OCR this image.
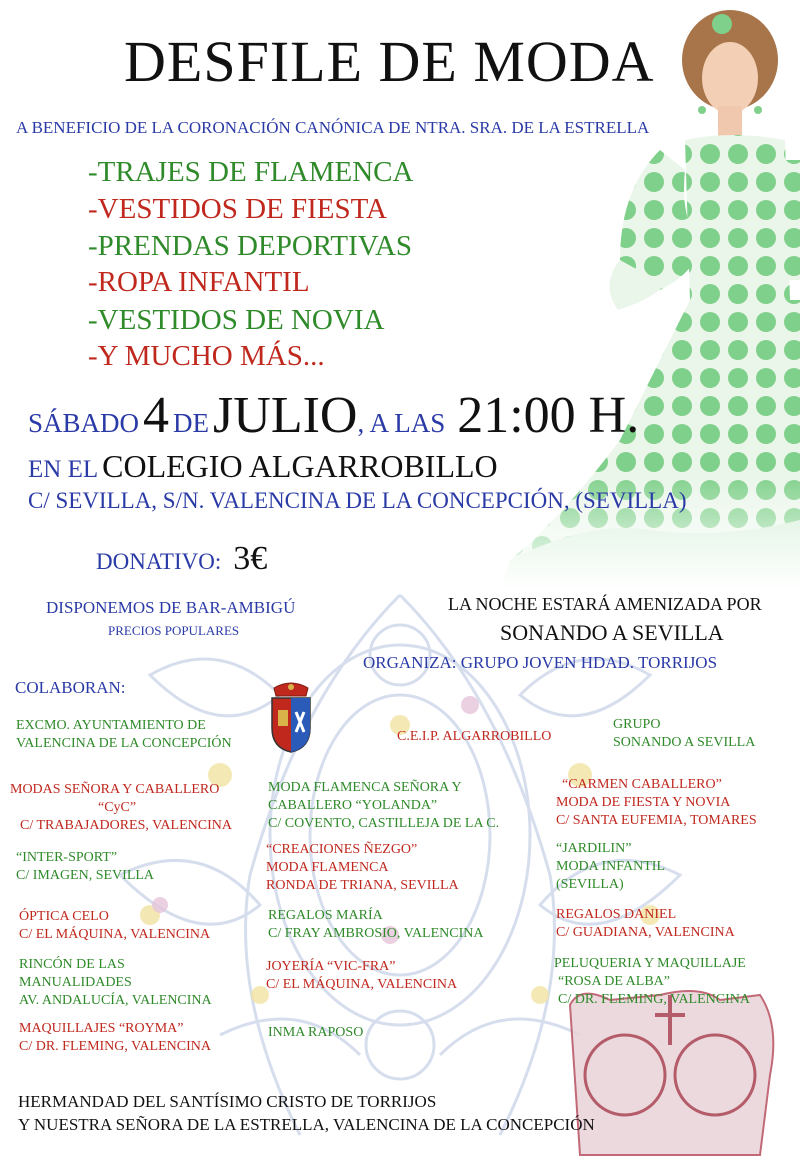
DESFILE DE MODA
A BENEFICIO DE LA CORONACIÓN CANÓNICA DE NTRA. SRA. DE LA ESTRELLA
-TRAJES DE FLAMENCA
-VESTIDOS DE FIESTA
-PRENDAS DEPORTIVAS
-ROPA INFANTIL
-VESTIDOS DE NOVIA
-Y MUCHO MÁS...
SÁBADO 4 DE JULIO, A LAS 21:00 H.
EN EL COLEGIO ALGARROBILLO
C/ SEVILLA, S/N. VALENCINA DE LA CONCEPCIÓN, (SEVILLA)
DONATIVO: 3€
DISPONEMOS DE BAR-AMBIGÚ
PRECIOS POPULARES
LA NOCHE ESTARÁ AMENIZADA POR
SONANDO A SEVILLA
ORGANIZA: GRUPO JOVEN HDAD. TORRIJOS
COLABORAN:
EXCMO. AYUNTAMIENTO DE
VALENCINA DE LA CONCEPCIÓN	C.E.I.P. ALGARROBILLO
GRUPO
SONANDO A SEVILLA
MODAS SEÑORA Y CABALLERO
“CyC”
C/ TRABAJADORES, VALENCINA
MODA FLAMENCA SEÑORA Y
CABALLERO “YOLANDA”
C/ COVENTO, CASTILLEJA DE LA C.
“CARMEN CABALLERO”
MODA DE FIESTA Y NOVIA
C/ SANTA EUFEMIA, TOMARES
“INTER-SPORT”
C/ IMAGEN, SEVILLA
“CREACIONES ÑEZGO”
MODA FLAMENCA
RONDA DE TRIANA, SEVILLA
“JARDILIN”
MODA INFANTIL
(SEVILLA)
ÓPTICA CELO
C/ EL MÁQUINA, VALENCINA
REGALOS MARÍA
C/ FRAY AMBROSIO, VALENCINA
REGALOS DANIEL
C/ GUADIANA, VALENCINA
RINCÓN DE LAS
MANUALIDADES
AV. ANDALUCÍA, VALENCINA
JOYERÍA “VIC-FRA”
C/ EL MÁQUINA, VALENCINA
PELUQUERIA Y MAQUILLAJE
“ROSA DE ALBA”
C/ DR. FLEMING, VALENCINA
MAQUILLAJES “ROYMA”
C/ DR. FLEMING, VALENCINA
INMA RAPOSO
HERMANDAD DEL SANTÍSIMO CRISTO DE TORRIJOS
Y NUESTRA SEÑORA DE LA ESTRELLA, VALENCINA DE LA CONCEPCIÓN
